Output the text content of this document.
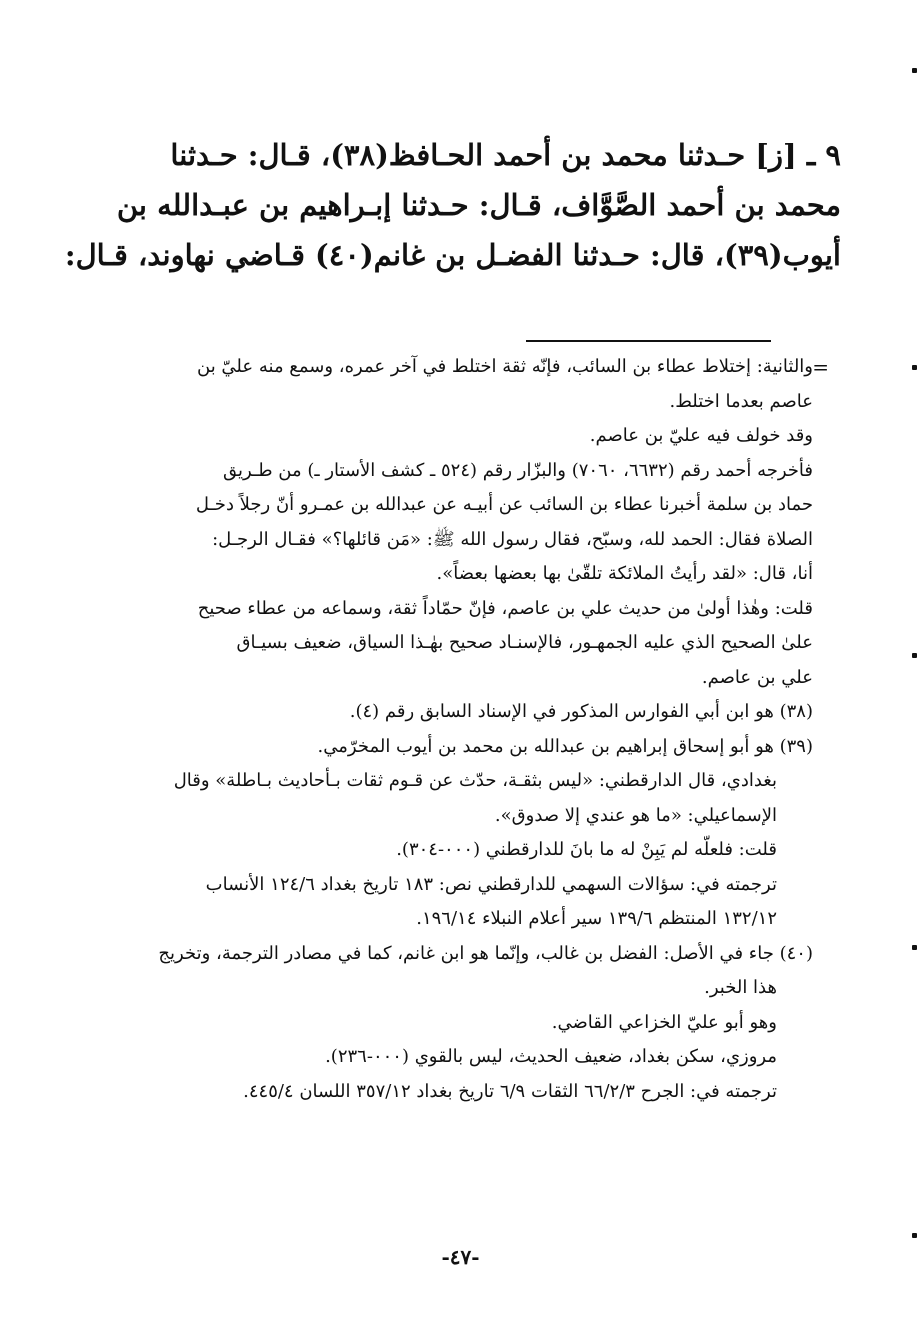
٩ ـ [ز] حـدثنا محمد بن أحمد الحـافظ(٣٨)، قـال: حـدثنا
محمد بن أحمد الصَّوَّاف، قـال: حـدثنا إبـراهيم بن عبـدالله بن
أيوب(٣٩)، قال: حـدثنا الفضـل بن غانم(٤٠) قـاضي نهاوند، قـال:
=
والثانية: إختلاط عطاء بن السائب، فإنّه ثقة اختلط في آخر عمره، وسمع منه عليّ بن
عاصم بعدما اختلط.
وقد خولف فيه عليّ بن عاصم.
فأخرجه أحمد رقم (٦٦٣٢، ٧٠٦٠) والبزّار رقم (٥٢٤ ـ كشف الأستار ـ) من طـريق
حماد بن سلمة أخبرنا عطاء بن السائب عن أبيـه عن عبدالله بن عمـرو أنّ رجلاً دخـل
الصلاة فقال: الحمد لله، وسبّح، فقال رسول الله ﷺ: «مَن قائلها؟» فقـال الرجـل:
أنا، قال: «لقد رأيتُ الملائكة تلقّىٰ بها بعضها بعضاً».
قلت: وهٰذا أولىٰ من حديث علي بن عاصم، فإنّ حمّاداً ثقة، وسماعه من عطاء صحيح
علىٰ الصحيح الذي عليه الجمهـور، فالإسنـاد صحيح بهٰـذا السياق، ضعيف بسيـاق
علي بن عاصم.
(٣٨) هو ابن أبي الفوارس المذكور في الإسناد السابق رقم (٤).
(٣٩) هو أبو إسحاق إبراهيم بن عبدالله بن محمد بن أيوب المخرّمي.
بغدادي، قال الدارقطني: «ليس بثقـة، حدّث عن قـوم ثقات بـأحاديث بـاطلة» وقال
الإسماعيلي: «ما هو عندي إلا صدوق».
قلت: فلعلّه لم يَبِنْ له ما بانَ للدارقطني (٠٠٠-٣٠٤).
ترجمته في: سؤالات السهمي للدارقطني نص: ١٨٣ تاريخ بغداد ١٢٤/٦ الأنساب
١٣٢/١٢ المنتظم ١٣٩/٦ سير أعلام النبلاء ١٩٦/١٤.
(٤٠) جاء في الأصل: الفضل بن غالب، وإنّما هو ابن غانم، كما في مصادر الترجمة، وتخريج
هذا الخبر.
وهو أبو عليّ الخزاعي القاضي.
مروزي، سكن بغداد، ضعيف الحديث، ليس بالقوي (٠٠٠-٢٣٦).
ترجمته في: الجرح ٦٦/٢/٣ الثقات ٦/٩ تاريخ بغداد ٣٥٧/١٢ اللسان ٤٤٥/٤.
-٤٧-
